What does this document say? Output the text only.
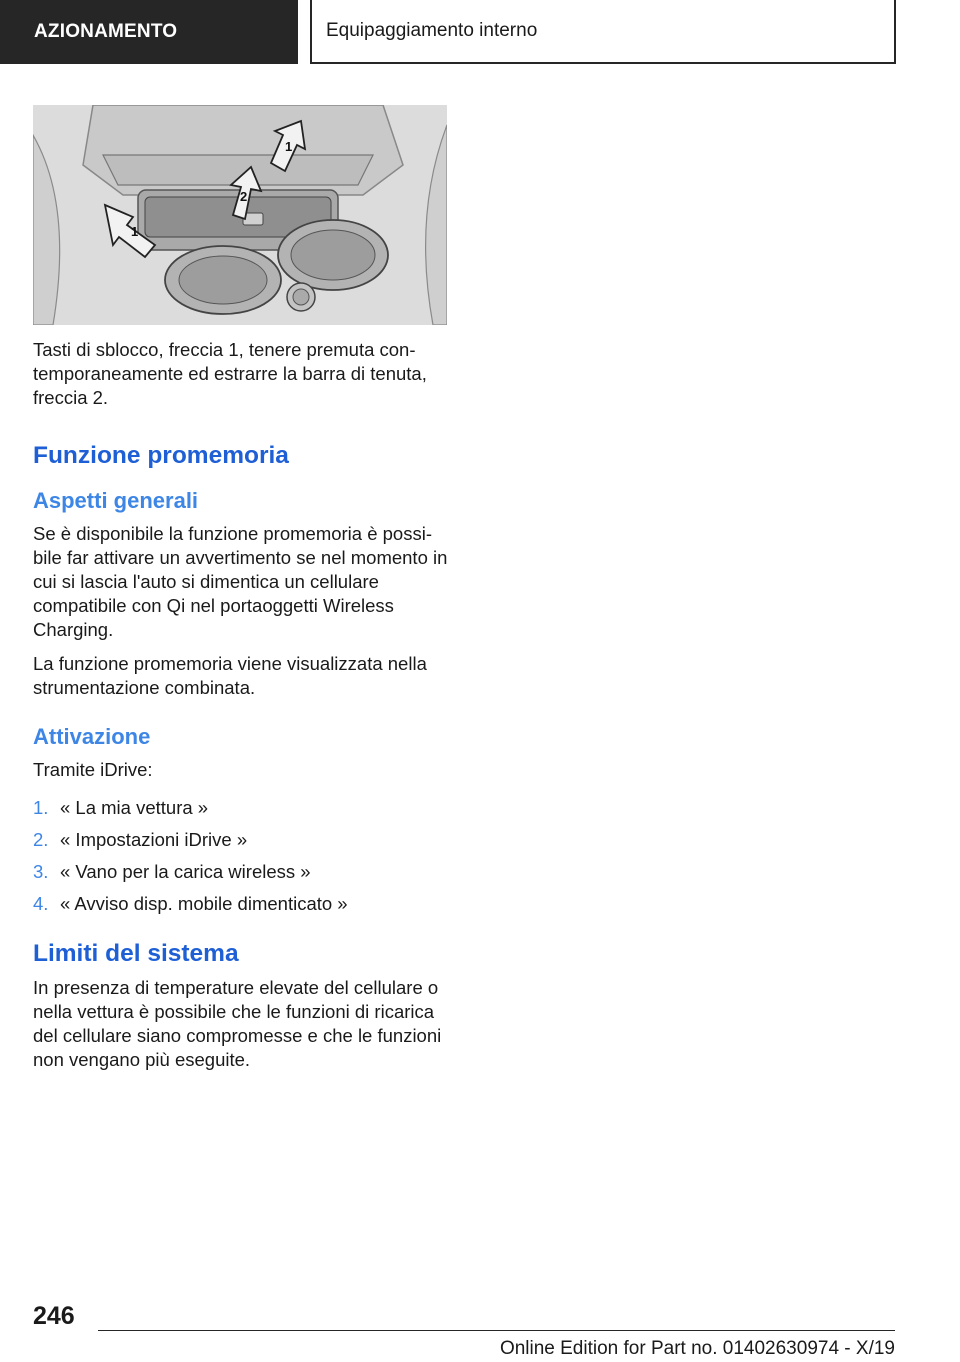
AZIONAMENTO	Equipaggiamento interno
1
2
1

Tasti di sblocco, freccia 1, tenere premuta contemporaneamente ed estrarre la barra di tenuta, freccia 2.

Funzione promemoria
Aspetti generali

Se è disponibile la funzione promemoria è possibile far attivare un avvertimento se nel momento in cui si lascia l'auto si dimentica un cellulare compatibile con Qi nel portaoggetti Wireless Charging.

La funzione promemoria viene visualizzata nella strumentazione combinata.

Attivazione

Tramite iDrive:

1. « La mia vettura »
2. « Impostazioni iDrive »
3. « Vano per la carica wireless »
4. « Avviso disp. mobile dimenticato »
Limiti del sistema

In presenza di temperature elevate del cellulare o nella vettura è possibile che le funzioni di ricarica del cellulare siano compromesse e che le funzioni non vengano più eseguite.

246
Online Edition for Part no. 01402630974 - X/19
